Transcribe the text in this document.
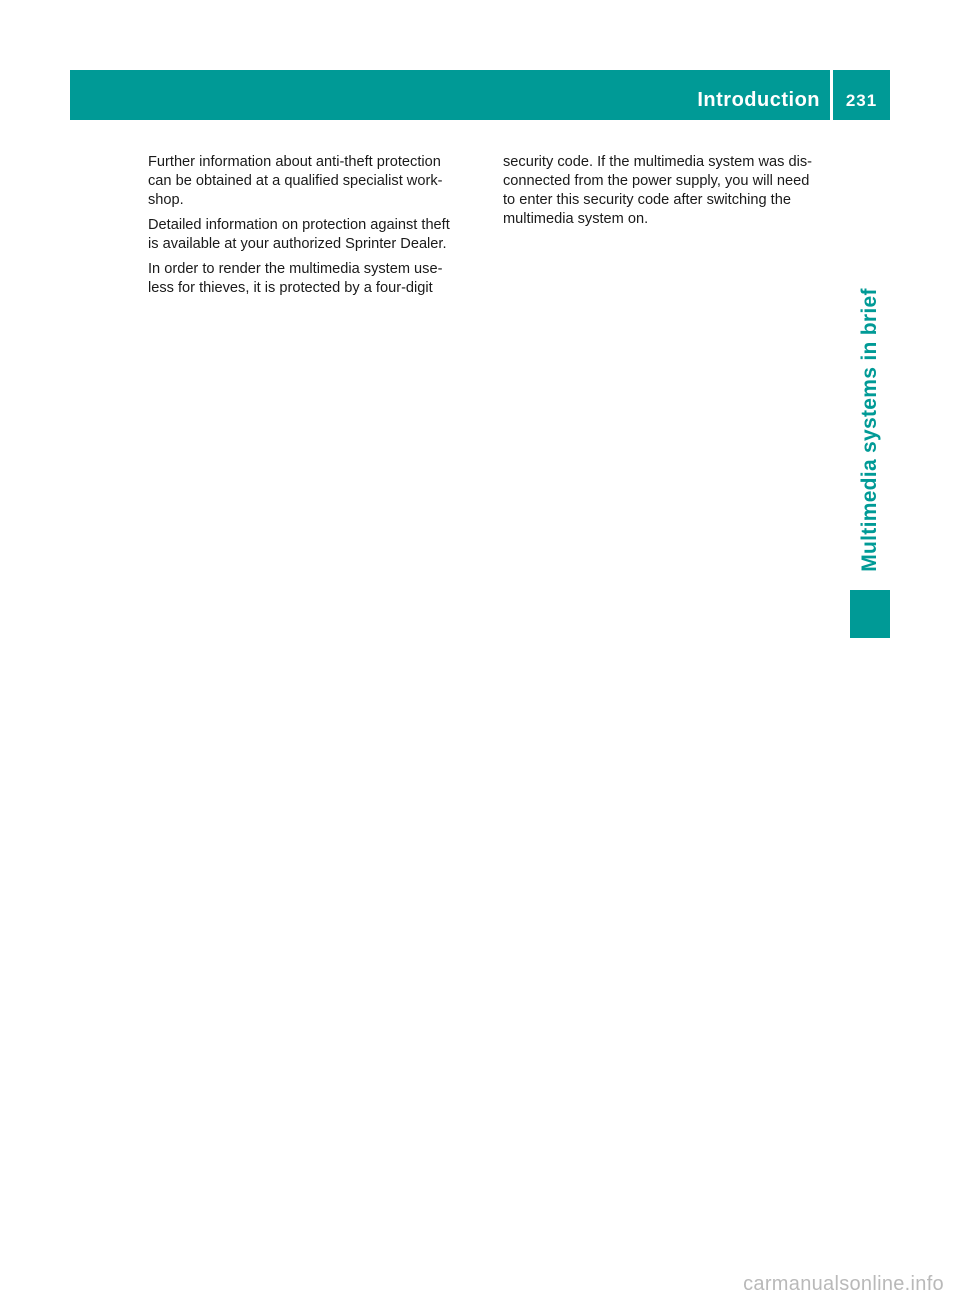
Introduction	231

Further information about anti-theft protection
can be obtained at a qualified specialist work-
shop.

Detailed information on protection against theft
is available at your authorized Sprinter Dealer.

In order to render the multimedia system use-
less for thieves, it is protected by a four-digit

security code. If the multimedia system was dis-
connected from the power supply, you will need
to enter this security code after switching the
multimedia system on.

Multimedia systems in brief
carmanualsonline.info
